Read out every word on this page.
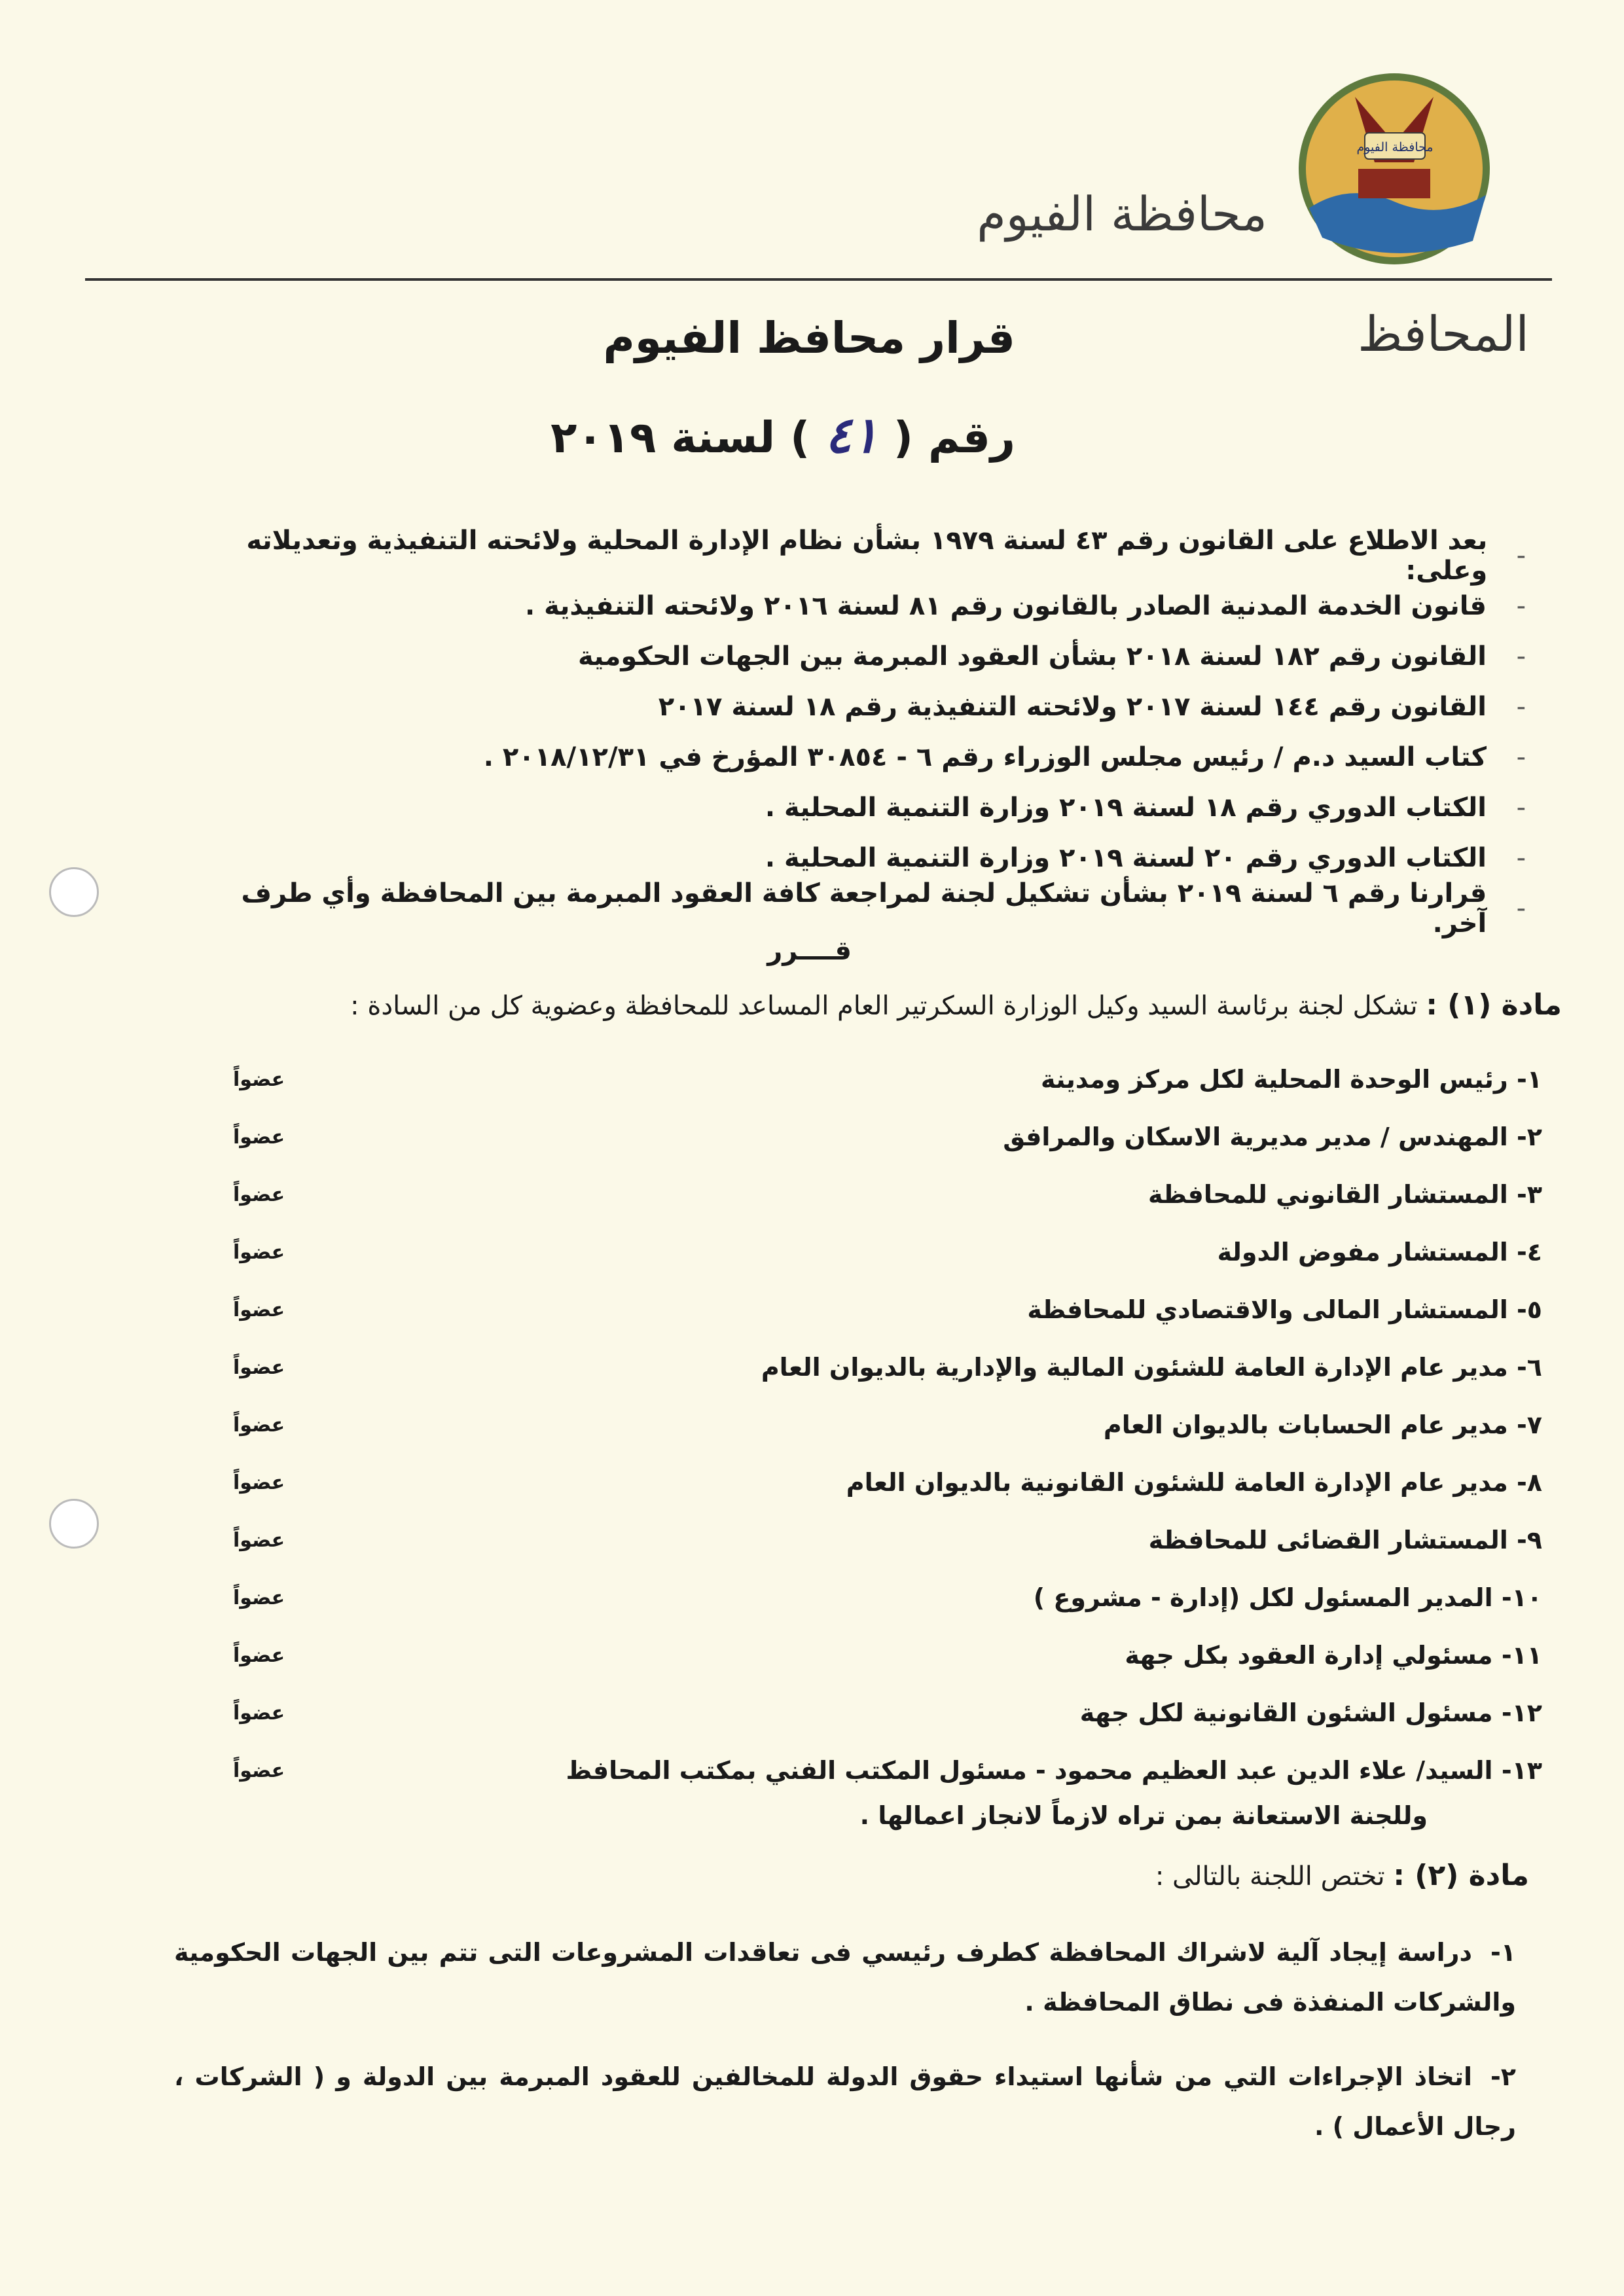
محافظة الفيوم
محافظة الفيوم
المحافظ
قرار محافظ الفيوم
رقم ( ٤١ ) لسنة ٢٠١٩
-
بعد الاطلاع على القانون رقم ٤٣ لسنة ١٩٧٩ بشأن نظام الإدارة المحلية ولائحته التنفيذية وتعديلاته وعلى:
-
قانون الخدمة المدنية الصادر بالقانون رقم ٨١ لسنة ٢٠١٦ ولائحته التنفيذية .
-
القانون رقم ١٨٢ لسنة ٢٠١٨ بشأن العقود المبرمة بين الجهات الحكومية
-
القانون رقم ١٤٤ لسنة ٢٠١٧ ولائحته التنفيذية رقم ١٨ لسنة ٢٠١٧
-
كتاب السيد د.م / رئيس مجلس الوزراء رقم ٦ - ٣٠٨٥٤ المؤرخ في ٢٠١٨/١٢/٣١ .
-
الكتاب الدوري رقم ١٨ لسنة ٢٠١٩ وزارة التنمية المحلية .
-
الكتاب الدوري رقم ٢٠ لسنة ٢٠١٩ وزارة التنمية المحلية .
-
قرارنا رقم ٦ لسنة ٢٠١٩ بشأن تشكيل لجنة لمراجعة كافة العقود المبرمة بين المحافظة وأي طرف آخر.
قــــرر
مادة (١) : تشكل لجنة برئاسة السيد وكيل الوزارة السكرتير العام المساعد للمحافظة وعضوية كل من السادة :
١- رئيس الوحدة المحلية لكل مركز ومدينة
عضواً
٢- المهندس / مدير مديرية الاسكان والمرافق
عضواً
٣- المستشار القانوني للمحافظة
عضواً
٤- المستشار مفوض الدولة
عضواً
٥- المستشار المالى والاقتصادي للمحافظة
عضواً
٦- مدير عام الإدارة العامة للشئون المالية والإدارية بالديوان العام
عضواً
٧- مدير عام الحسابات بالديوان العام
عضواً
٨- مدير عام الإدارة العامة للشئون القانونية بالديوان العام
عضواً
٩- المستشار القضائى للمحافظة
عضواً
١٠- المدير المسئول لكل (إدارة - مشروع )
عضواً
١١- مسئولي إدارة العقود بكل جهة
عضواً
١٢- مسئول الشئون القانونية لكل جهة
عضواً
١٣- السيد/ علاء الدين عبد العظيم محمود - مسئول المكتب الفني بمكتب المحافظ
عضواً
وللجنة الاستعانة بمن تراه لازماً لانجاز اعمالها .
مادة (٢) : تختص اللجنة بالتالى :
١-دراسة إيجاد آلية لاشراك المحافظة كطرف رئيسي فى تعاقدات المشروعات التى تتم بين الجهات الحكومية والشركات المنفذة فى نطاق المحافظة .
٢-اتخاذ الإجراءات التي من شأنها استيداء حقوق الدولة للمخالفين للعقود المبرمة بين الدولة و ( الشركات ، رجال الأعمال ) .
